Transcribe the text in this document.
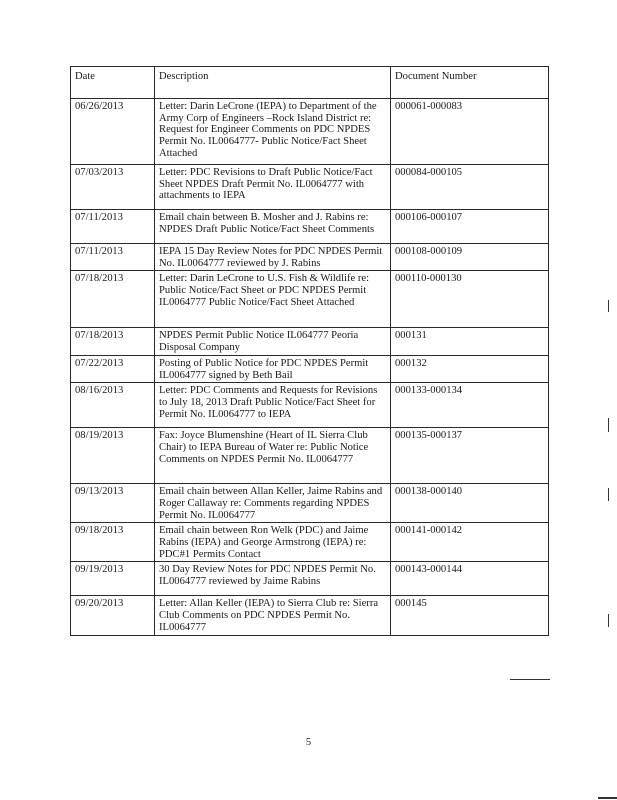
Date	Description	Document Number
06/26/2013	Letter: Darin LeCrone (IEPA) to Department of the Army Corp of Engineers –Rock Island District re: Request for Engineer Comments on PDC NPDES Permit No. IL0064777- Public Notice/Fact Sheet Attached	000061-000083
07/03/2013	Letter: PDC Revisions to Draft Public Notice/Fact Sheet NPDES Draft Permit No. IL0064777 with attachments to IEPA	000084-000105
07/11/2013	Email chain between B. Mosher and J. Rabins re: NPDES Draft Public Notice/Fact Sheet Comments	000106-000107
07/11/2013	IEPA 15 Day Review Notes for PDC NPDES Permit No. IL0064777 reviewed by J. Rabins	000108-000109
07/18/2013	Letter: Darin LeCrone to U.S. Fish & Wildlife re: Public Notice/Fact Sheet or PDC NPDES Permit IL0064777 Public Notice/Fact Sheet Attached	000110-000130
07/18/2013	NPDES Permit Public Notice IL064777 Peoria Disposal Company	000131
07/22/2013	Posting of Public Notice for PDC NPDES Permit IL0064777 signed by Beth Bail	000132
08/16/2013	Letter: PDC Comments and Requests for Revisions to July 18, 2013 Draft Public Notice/Fact Sheet for Permit No. IL0064777 to IEPA	000133-000134
08/19/2013	Fax: Joyce Blumenshine (Heart of IL Sierra Club Chair) to IEPA Bureau of Water re: Public Notice Comments on NPDES Permit No. IL0064777	000135-000137
09/13/2013	Email chain between Allan Keller, Jaime Rabins and Roger Callaway re: Comments regarding NPDES Permit No. IL0064777	000138-000140
09/18/2013	Email chain between Ron Welk (PDC) and Jaime Rabins (IEPA) and George Armstrong (IEPA) re: PDC#1 Permits Contact	000141-000142
09/19/2013	30 Day Review Notes for PDC NPDES Permit No. IL0064777 reviewed by Jaime Rabins	000143-000144
09/20/2013	Letter: Allan Keller (IEPA) to Sierra Club re: Sierra Club Comments on PDC NPDES Permit No. IL0064777	000145
5
